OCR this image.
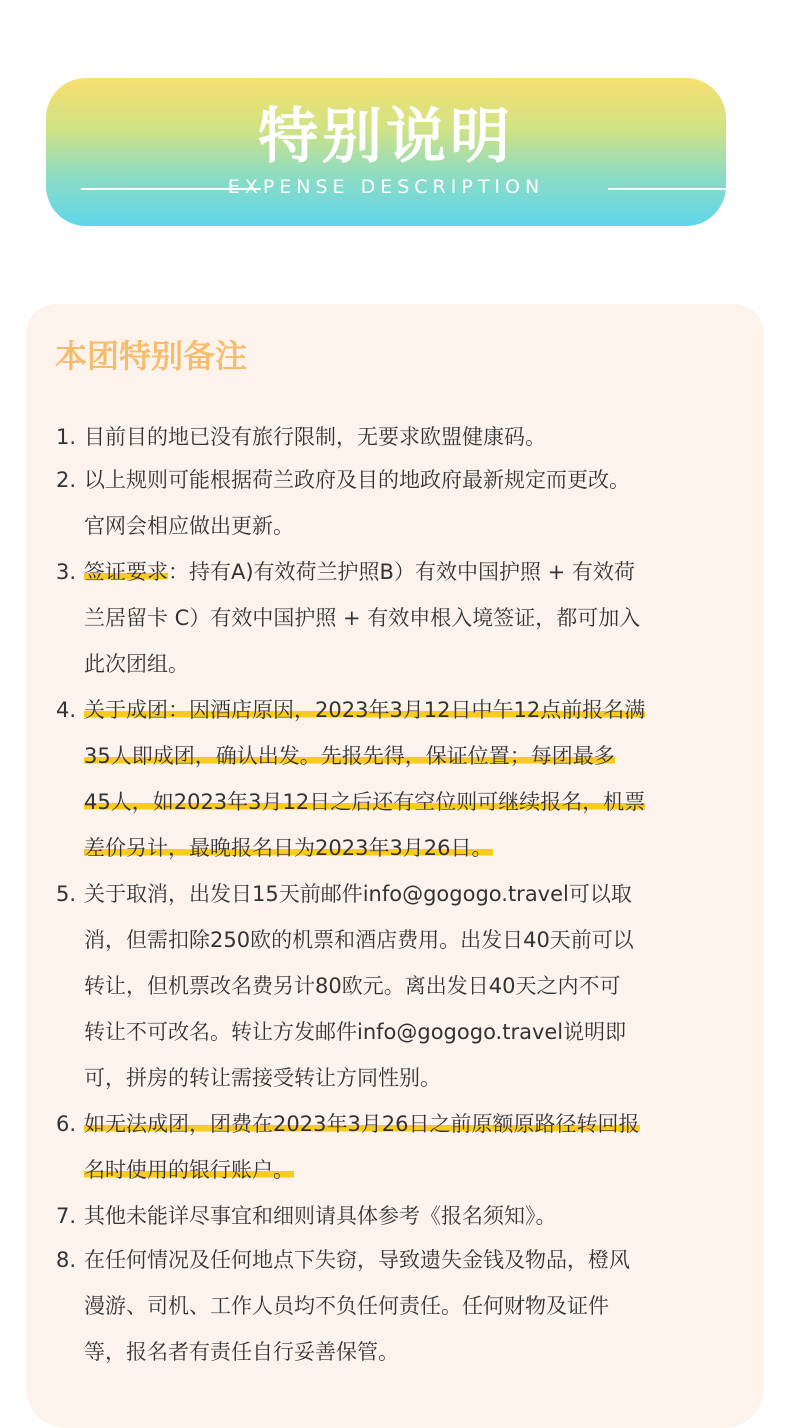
特别说明
EXPENSE DESCRIPTION
本团特别备注
1. 目前目的地已没有旅行限制，无要求欧盟健康码。
2. 以上规则可能根据荷兰政府及目的地政府最新规定而更改。
官网会相应做出更新。
3. 签证要求：持有A)有效荷兰护照B）有效中国护照 + 有效荷
兰居留卡 C）有效中国护照 + 有效申根入境签证，都可加入
此次团组。
4. 关于成团：因酒店原因，2023年3月12日中午12点前报名满
35人即成团，确认出发。先报先得，保证位置；每团最多
45人，如2023年3月12日之后还有空位则可继续报名，机票
差价另计，最晚报名日为2023年3月26日。
5. 关于取消，出发日15天前邮件info@gogogo.travel可以取
消，但需扣除250欧的机票和酒店费用。出发日40天前可以
转让，但机票改名费另计80欧元。离出发日40天之内不可
转让不可改名。转让方发邮件info@gogogo.travel说明即
可，拼房的转让需接受转让方同性别。
6. 如无法成团，团费在2023年3月26日之前原额原路径转回报
名时使用的银行账户。
7. 其他未能详尽事宜和细则请具体参考《报名须知》。
8. 在任何情况及任何地点下失窃，导致遗失金钱及物品，橙风
漫游、司机、工作人员均不负任何责任。任何财物及证件
等，报名者有责任自行妥善保管。
